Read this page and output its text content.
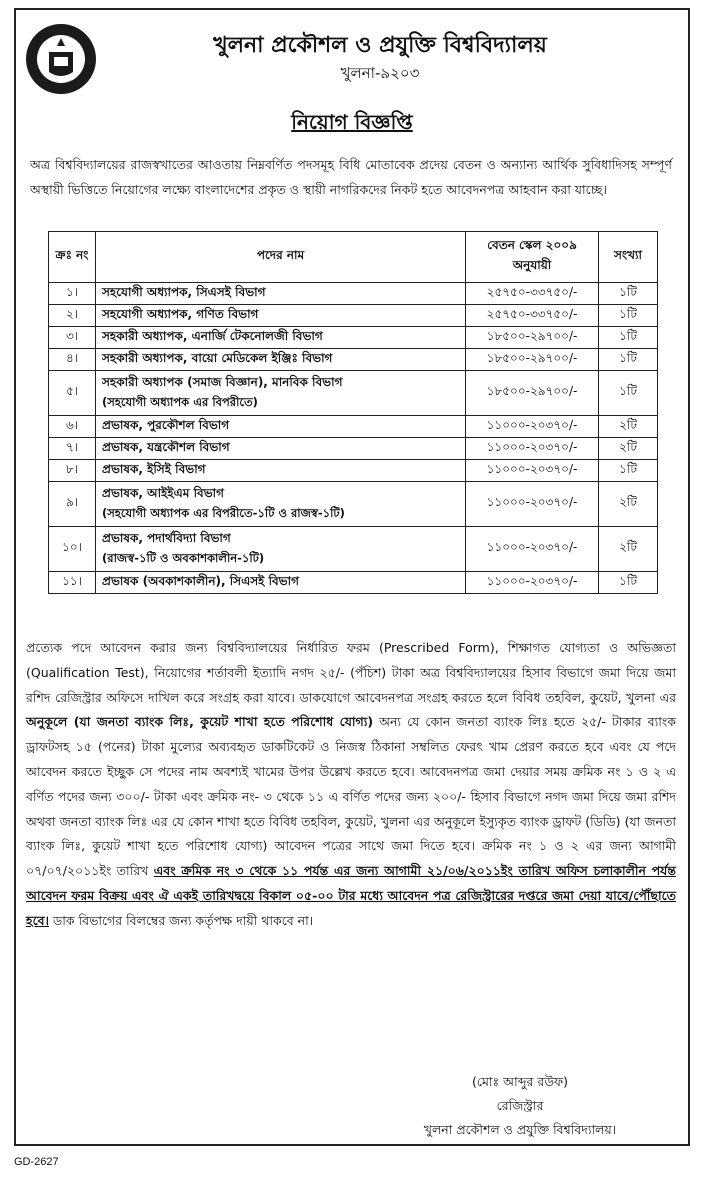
খুলনা প্রকৌশল ও প্রযুক্তি বিশ্ববিদ্যালয়
খুলনা-৯২০৩
নিয়োগ বিজ্ঞপ্তি
অত্র বিশ্ববিদ্যালয়ের রাজস্বখাতের আওতায় নিম্নবর্ণিত পদসমূহ বিধি মোতাবেক প্রদেয় বেতন ও অন্যান্য আর্থিক সুবিধাদিসহ সম্পূর্ণ অস্থায়ী ভিত্তিতে নিয়োগের লক্ষ্যে বাংলাদেশের প্রকৃত ও স্থায়ী নাগরিকদের নিকট হতে আবেদনপত্র আহবান করা যাচ্ছে।
ক্রঃ নং	পদের নাম	বেতন স্কেল ২০০৯ অনুযায়ী	সংখ্যা
১।	সহযোগী অধ্যাপক, সিএসই বিভাগ	২৫৭৫০-৩৩৭৫০/-	১টি
২।	সহযোগী অধ্যাপক, গণিত বিভাগ	২৫৭৫০-৩৩৭৫০/-	১টি
৩।	সহকারী অধ্যাপক, এনার্জি টেকনোলজী বিভাগ	১৮৫০০-২৯৭০০/-	১টি
৪।	সহকারী অধ্যাপক, বায়ো মেডিকেল ইঞ্জিঃ বিভাগ	১৮৫০০-২৯৭০০/-	১টি
৫।	সহকারী অধ্যাপক (সমাজ বিজ্ঞান), মানবিক বিভাগ
(সহযোগী অধ্যাপক এর বিপরীতে)	১৮৫০০-২৯৭০০/-	১টি
৬।	প্রভাষক, পুরকৌশল বিভাগ	১১০০০-২০৩৭০/-	২টি
৭।	প্রভাষক, যন্ত্রকৌশল বিভাগ	১১০০০-২০৩৭০/-	২টি
৮।	প্রভাষক, ইসিই বিভাগ	১১০০০-২০৩৭০/-	১টি
৯।	প্রভাষক, আইইএম বিভাগ
(সহযোগী অধ্যাপক এর বিপরীতে-১টি ও রাজস্ব-১টি)	১১০০০-২০৩৭০/-	২টি
১০।	প্রভাষক, পদার্থবিদ্যা বিভাগ
(রাজস্ব-১টি ও অবকাশকালীন-১টি)	১১০০০-২০৩৭০/-	২টি
১১।	প্রভাষক (অবকাশকালীন), সিএসই বিভাগ	১১০০০-২০৩৭০/-	১টি
প্রত্যেক পদে আবেদন করার জন্য বিশ্ববিদ্যালয়ের নির্ধারিত ফরম (Prescribed Form), শিক্ষাগত যোগ্যতা ও অভিজ্ঞতা (Qualification Test), নিয়োগের শর্তাবলী ইত্যাদি নগদ ২৫/- (পঁচিশ) টাকা অত্র বিশ্ববিদ্যালয়ের হিসাব বিভাগে জমা দিয়ে জমা রশিদ রেজিস্ট্রার অফিসে দাখিল করে সংগ্রহ করা যাবে। ডাকযোগে আবেদনপত্র সংগ্রহ করতে হলে বিবিধ তহবিল, কুয়েট, খুলনা এর অনুকূলে (যা জনতা ব্যাংক লিঃ, কুয়েট শাখা হতে পরিশোধ যোগ্য) অন্য যে কোন জনতা ব্যাংক লিঃ হতে ২৫/- টাকার ব্যাংক ড্রাফটসহ ১৫ (পনের) টাকা মুল্যের অব্যবহৃত ডাকটিকেট ও নিজস্ব ঠিকানা সম্বলিত ফেরৎ খাম প্রেরণ করতে হবে এবং যে পদে আবেদন করতে ইচ্ছুক সে পদের নাম অবশ্যই খামের উপর উল্লেখ করতে হবে। আবেদনপত্র জমা দেয়ার সময় ক্রমিক নং ১ ও ২ এ বর্ণিত পদের জন্য ৩০০/- টাকা এবং ক্রমিক নং- ৩ থেকে ১১ এ বর্ণিত পদের জন্য ২০০/- হিসাব বিভাগে নগদ জমা দিয়ে জমা রশিদ অথবা জনতা ব্যাংক লিঃ এর যে কোন শাখা হতে বিবিধ তহবিল, কুয়েট, খুলনা এর অনুকূলে ইস্যুকৃত ব্যাংক ড্রাফট (ডিডি) (যা জনতা ব্যাংক লিঃ, কুয়েট শাখা হতে পরিশোধ যোগ্য) আবেদন পত্রের সাথে জমা দিতে হবে। ক্রমিক নং ১ ও ২ এর জন্য আগামী ০৭/০৭/২০১১ইং তারিখ এবং ক্রমিক নং ৩ থেকে ১১ পর্যন্ত এর জন্য আগামী ২১/০৬/২০১১ইং তারিখ অফিস চলাকালীন পর্যন্ত আবেদন ফরম বিক্রয় এবং ঐ একই তারিখদ্বয়ে বিকাল ০৫-০০ টার মধ্যে আবেদন পত্র রেজিস্ট্রারের দপ্তরে জমা দেয়া যাবে/পৌঁছাতে হবে। ডাক বিভাগের বিলম্বের জন্য কর্তৃপক্ষ দায়ী থাকবে না।
(মোঃ আব্দুর রউফ)
রেজিস্ট্রার
খুলনা প্রকৌশল ও প্রযুক্তি বিশ্ববিদ্যালয়।
GD-2627
